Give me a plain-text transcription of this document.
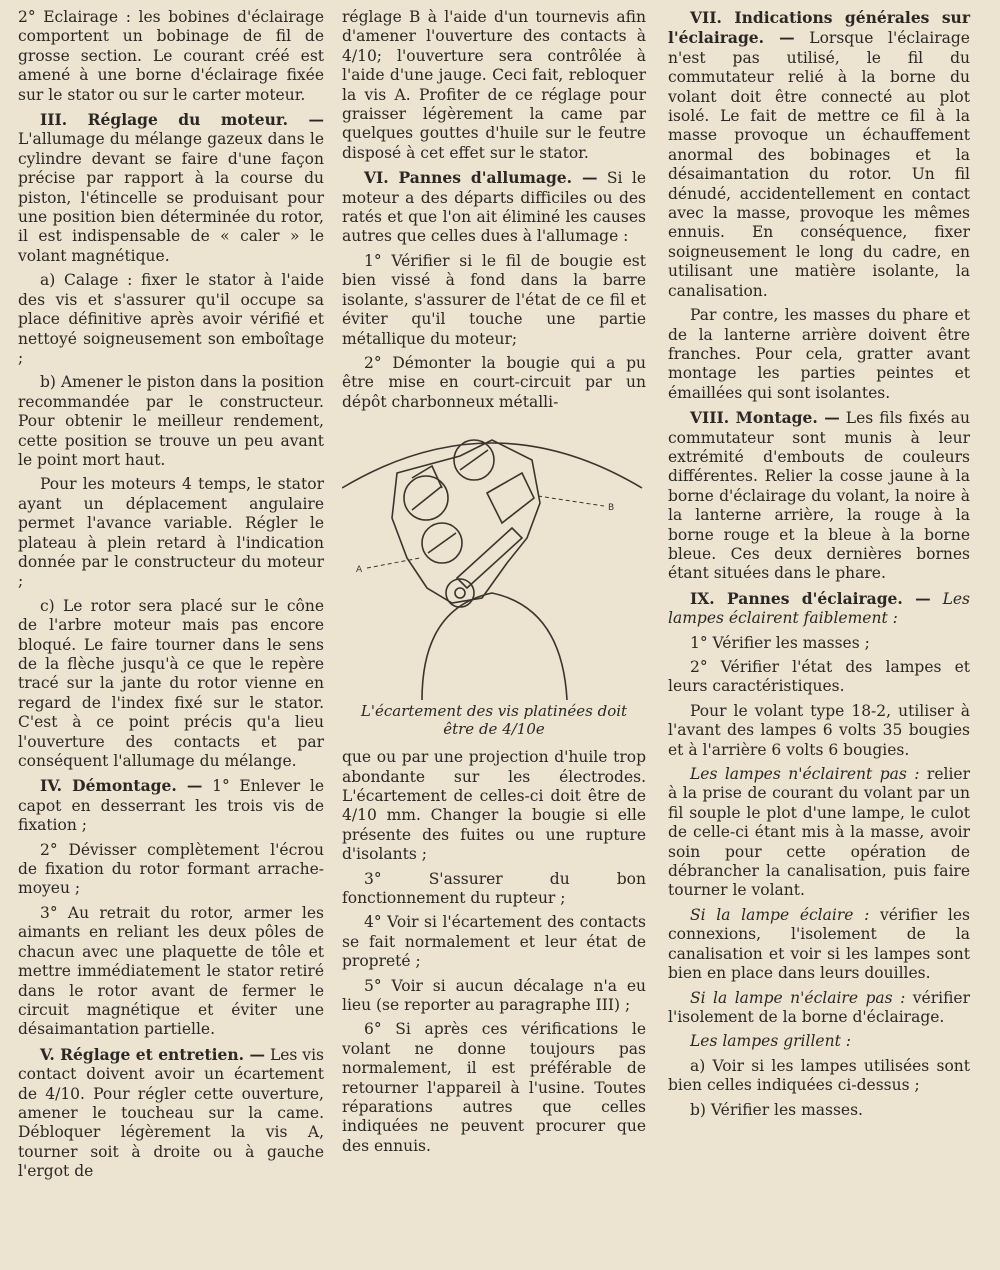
2° Eclairage : les bobines d'éclairage comportent un bobinage de fil de grosse section. Le courant créé est amené à une borne d'éclairage fixée sur le stator ou sur le carter moteur.

III. Réglage du moteur. — L'allumage du mélange gazeux dans le cylindre devant se faire d'une façon précise par rapport à la course du piston, l'étincelle se produisant pour une position bien déterminée du rotor, il est indispensable de « caler » le volant magnétique.

a) Calage : fixer le stator à l'aide des vis et s'assurer qu'il occupe sa place définitive après avoir vérifié et nettoyé soigneusement son emboîtage ;

b) Amener le piston dans la position recommandée par le constructeur. Pour obtenir le meilleur rendement, cette position se trouve un peu avant le point mort haut.

Pour les moteurs 4 temps, le stator ayant un déplacement angulaire permet l'avance variable. Régler le plateau à plein retard à l'indication donnée par le constructeur du moteur ;

c) Le rotor sera placé sur le cône de l'arbre moteur mais pas encore bloqué. Le faire tourner dans le sens de la flèche jusqu'à ce que le repère tracé sur la jante du rotor vienne en regard de l'index fixé sur le stator. C'est à ce point précis qu'a lieu l'ouverture des contacts et par conséquent l'allumage du mélange.

IV. Démontage. — 1° Enlever le capot en desserrant les trois vis de fixation ;

2° Dévisser complètement l'écrou de fixation du rotor formant arrache-moyeu ;

3° Au retrait du rotor, armer les aimants en reliant les deux pôles de chacun avec une plaquette de tôle et mettre immédiatement le stator retiré dans le rotor avant de fermer le circuit magnétique et éviter une désaimantation partielle.

V. Réglage et entretien. — Les vis contact doivent avoir un écartement de 4/10. Pour régler cette ouverture, amener le toucheau sur la came. Débloquer légèrement la vis A, tourner soit à droite ou à gauche l'ergot de

réglage B à l'aide d'un tournevis afin d'amener l'ouverture des contacts à 4/10; l'ouverture sera contrôlée à l'aide d'une jauge. Ceci fait, rebloquer la vis A. Profiter de ce réglage pour graisser légèrement la came par quelques gouttes d'huile sur le feutre disposé à cet effet sur le stator.

VI. Pannes d'allumage. — Si le moteur a des départs difficiles ou des ratés et que l'on ait éliminé les causes autres que celles dues à l'allumage :

1° Vérifier si le fil de bougie est bien vissé à fond dans la barre isolante, s'assurer de l'état de ce fil et éviter qu'il touche une partie métallique du moteur;

2° Démonter la bougie qui a pu être mise en court-circuit par un dépôt charbonneux métalli-

A
B
L'écartement des vis platinées doit
être de 4/10e

que ou par une projection d'huile trop abondante sur les électrodes. L'écartement de celles-ci doit être de 4/10 mm. Changer la bougie si elle présente des fuites ou une rupture d'isolants ;

3° S'assurer du bon fonctionnement du rupteur ;

4° Voir si l'écartement des contacts se fait normalement et leur état de propreté ;

5° Voir si aucun décalage n'a eu lieu (se reporter au paragraphe III) ;

6° Si après ces vérifications le volant ne donne toujours pas normalement, il est préférable de retourner l'appareil à l'usine. Toutes réparations autres que celles indiquées ne peuvent procurer que des ennuis.

VII. Indications générales sur l'éclairage. — Lorsque l'éclairage n'est pas utilisé, le fil du commutateur relié à la borne du volant doit être connecté au plot isolé. Le fait de mettre ce fil à la masse provoque un échauffement anormal des bobinages et la désaimantation du rotor. Un fil dénudé, accidentellement en contact avec la masse, provoque les mêmes ennuis. En conséquence, fixer soigneusement le long du cadre, en utilisant une matière isolante, la canalisation.

Par contre, les masses du phare et de la lanterne arrière doivent être franches. Pour cela, gratter avant montage les parties peintes et émaillées qui sont isolantes.

VIII. Montage. — Les fils fixés au commutateur sont munis à leur extrémité d'embouts de couleurs différentes. Relier la cosse jaune à la borne d'éclairage du volant, la noire à la lanterne arrière, la rouge à la borne rouge et la bleue à la borne bleue. Ces deux dernières bornes étant situées dans le phare.

IX. Pannes d'éclairage. — Les lampes éclairent faiblement :

1° Vérifier les masses ;

2° Vérifier l'état des lampes et leurs caractéristiques.

Pour le volant type 18-2, utiliser à l'avant des lampes 6 volts 35 bougies et à l'arrière 6 volts 6 bougies.

Les lampes n'éclairent pas : relier à la prise de courant du volant par un fil souple le plot d'une lampe, le culot de celle-ci étant mis à la masse, avoir soin pour cette opération de débrancher la canalisation, puis faire tourner le volant.

Si la lampe éclaire : vérifier les connexions, l'isolement de la canalisation et voir si les lampes sont bien en place dans leurs douilles.

Si la lampe n'éclaire pas : vérifier l'isolement de la borne d'éclairage.

Les lampes grillent :

a) Voir si les lampes utilisées sont bien celles indiquées ci-dessus ;

b) Vérifier les masses.
